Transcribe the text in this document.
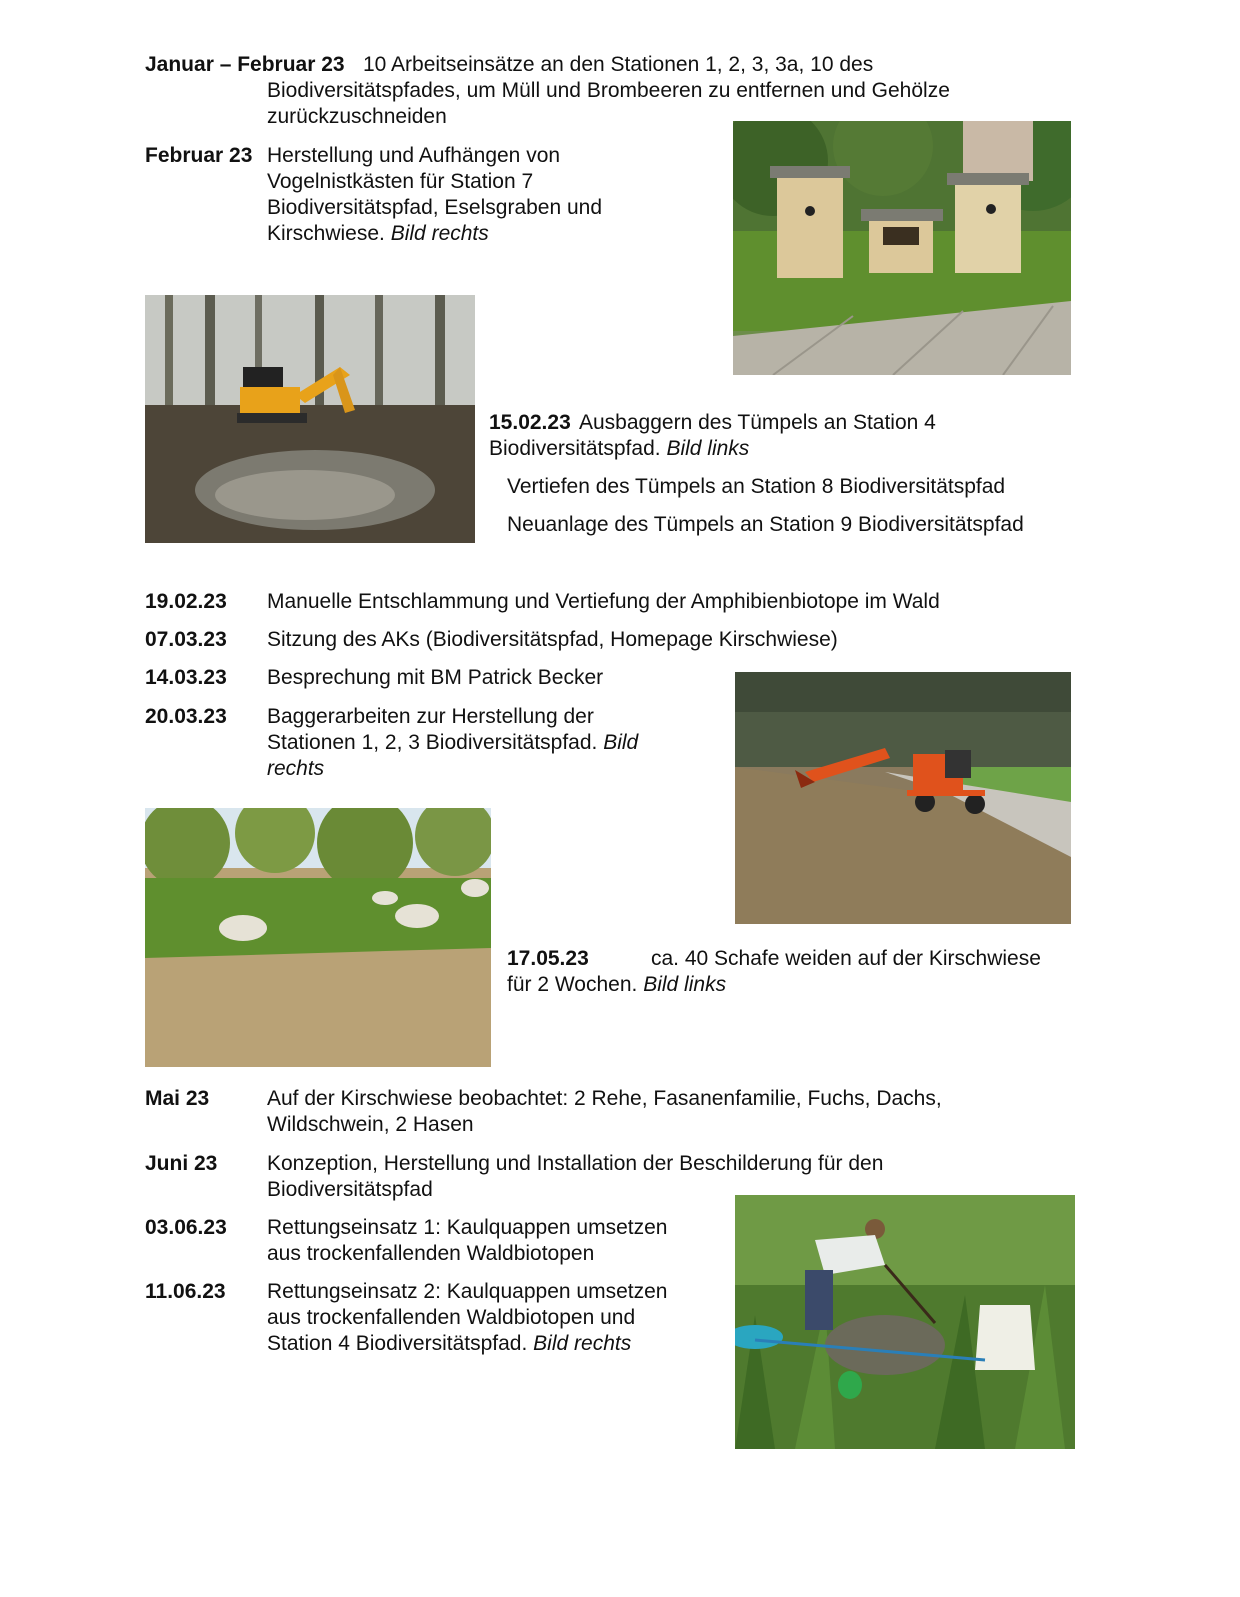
Januar – Februar 23 10 Arbeitseinsätze an den Stationen 1, 2, 3, 3a, 10 des
Biodiversitätspfades, um Müll und Brombeeren zu entfernen und Gehölze
zurückzuschneiden
Februar 23 Herstellung und Aufhängen von
Vogelnistkästen für Station 7
Biodiversitätspfad, Eselsgraben und
Kirschwiese. Bild rechts
15.02.23 Ausbaggern des Tümpels an Station 4
Biodiversitätspfad. Bild links
Vertiefen des Tümpels an Station 8 Biodiversitätspfad
Neuanlage des Tümpels an Station 9 Biodiversitätspfad
19.02.23 Manuelle Entschlammung und Vertiefung der Amphibienbiotope im Wald
07.03.23 Sitzung des AKs (Biodiversitätspfad, Homepage Kirschwiese)
14.03.23 Besprechung mit BM Patrick Becker
20.03.23 Baggerarbeiten zur Herstellung der
Stationen 1, 2, 3 Biodiversitätspfad. Bild
rechts
17.05.23	ca. 40 Schafe weiden auf der Kirschwiese
für 2 Wochen. Bild links
Mai 23	Auf der Kirschwiese beobachtet: 2 Rehe, Fasanenfamilie, Fuchs, Dachs,
Wildschwein, 2 Hasen
Juni 23 Konzeption, Herstellung und Installation der Beschilderung für den
Biodiversitätspfad
03.06.23 Rettungseinsatz 1: Kaulquappen umsetzen
aus trockenfallenden Waldbiotopen
11.06.23 Rettungseinsatz 2: Kaulquappen umsetzen
aus trockenfallenden Waldbiotopen und
Station 4 Biodiversitätspfad. Bild rechts
